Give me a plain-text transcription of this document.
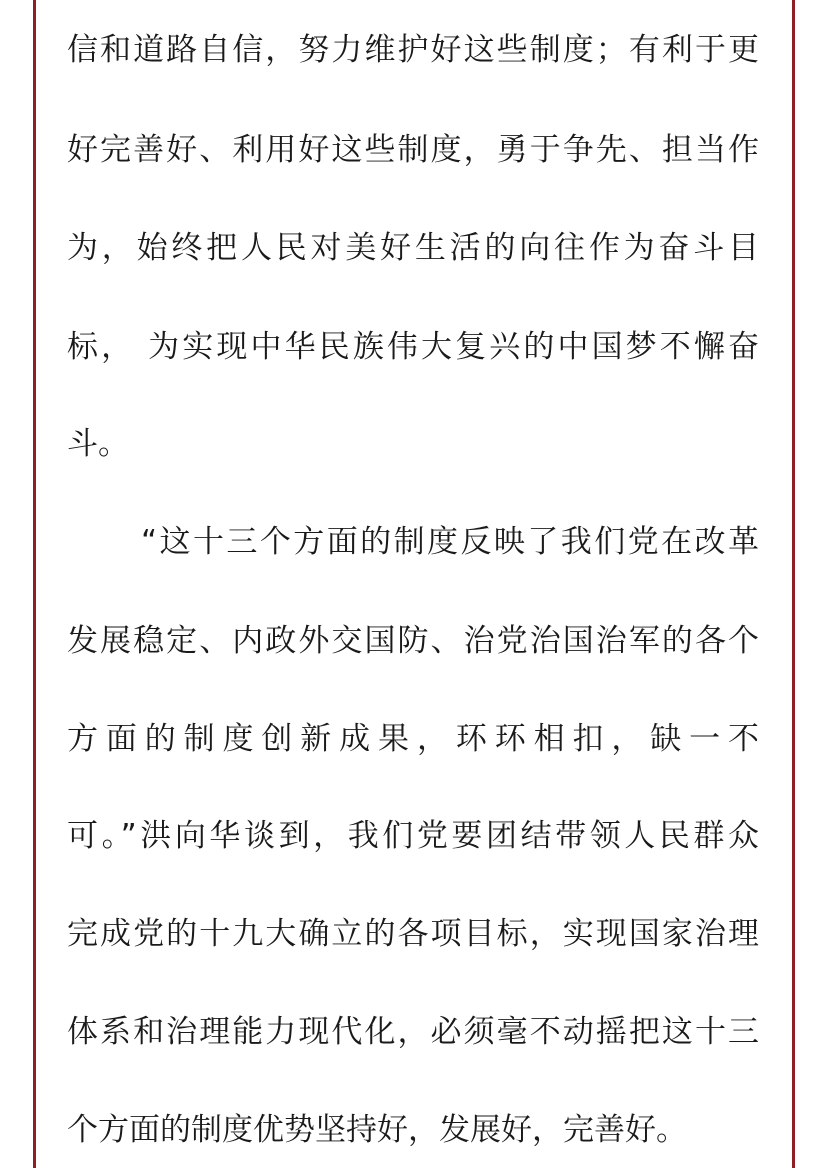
信和道路自信，努力维护好这些制度；有利于更
好完善好、利用好这些制度，勇于争先、担当作
为，始终把人民对美好生活的向往作为奋斗目
标， 为实现中华民族伟大复兴的中国梦不懈奋
斗。
“这十三个方面的制度反映了我们党在改革
发展稳定、内政外交国防、治党治国治军的各个
方面的制度创新成果，环环相扣，缺一不
可。”洪向华谈到，我们党要团结带领人民群众
完成党的十九大确立的各项目标，实现国家治理
体系和治理能力现代化，必须毫不动摇把这十三
个方面的制度优势坚持好，发展好，完善好。
